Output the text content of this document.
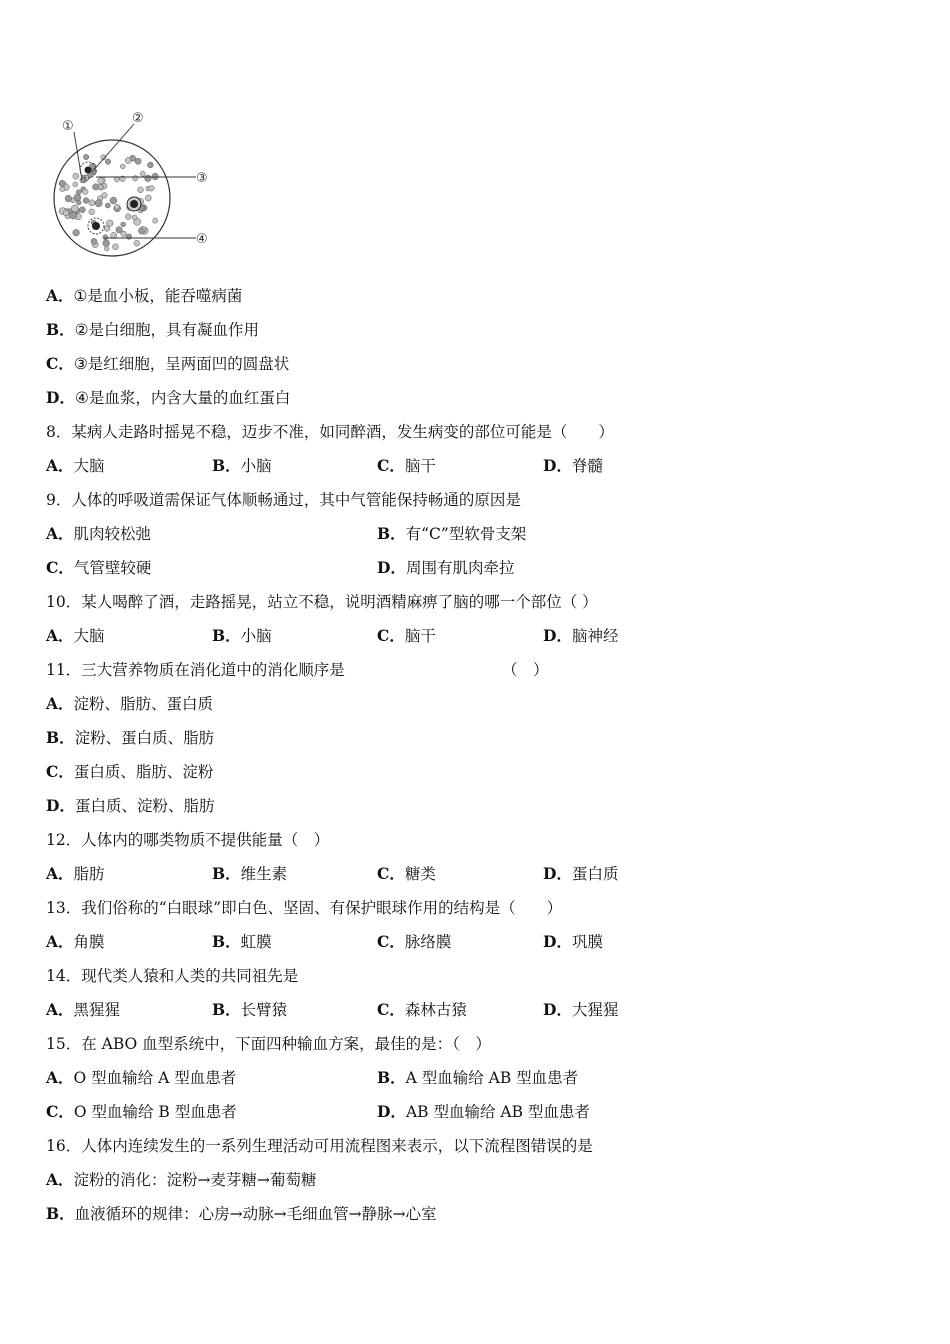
①
②
③
④
A．①是血小板，能吞噬病菌
B．②是白细胞，具有凝血作用
C．③是红细胞，呈两面凹的圆盘状
D．④是血浆，内含大量的血红蛋白
8．某病人走路时摇晃不稳，迈步不准，如同醉酒，发生病变的部位可能是（　　）
A．大脑	B．小脑	C．脑干	D．脊髓
9．人体的呼吸道需保证气体顺畅通过，其中气管能保持畅通的原因是
A．肌肉较松弛	B．有“C”型软骨支架
C．气管壁较硬	D．周围有肌肉牵拉
10．某人喝醉了酒，走路摇晃，站立不稳，说明酒精麻痹了脑的哪一个部位（ ）
A．大脑	B．小脑	C．脑干	D．脑神经
11．三大营养物质在消化道中的消化顺序是	（　）
A．淀粉、脂肪、蛋白质
B．淀粉、蛋白质、脂肪
C．蛋白质、脂肪、淀粉
D．蛋白质、淀粉、脂肪
12．人体内的哪类物质不提供能量（　）
A．脂肪	B．维生素	C．糖类	D．蛋白质
13．我们俗称的“白眼球”即白色、坚固、有保护眼球作用的结构是（　　）
A．角膜	B．虹膜	C．脉络膜	D．巩膜
14．现代类人猿和人类的共同祖先是
A．黑猩猩	B．长臂猿	C．森林古猿	D．大猩猩
15．在 ABO 血型系统中，下面四种输血方案，最佳的是：（　）
A．O 型血输给 A 型血患者	B．A 型血输给 AB 型血患者
C．O 型血输给 B 型血患者	D．AB 型血输给 AB 型血患者
16．人体内连续发生的一系列生理活动可用流程图来表示，以下流程图错误的是
A．淀粉的消化：淀粉→麦芽糖→葡萄糖
B．血液循环的规律：心房→动脉→毛细血管→静脉→心室
